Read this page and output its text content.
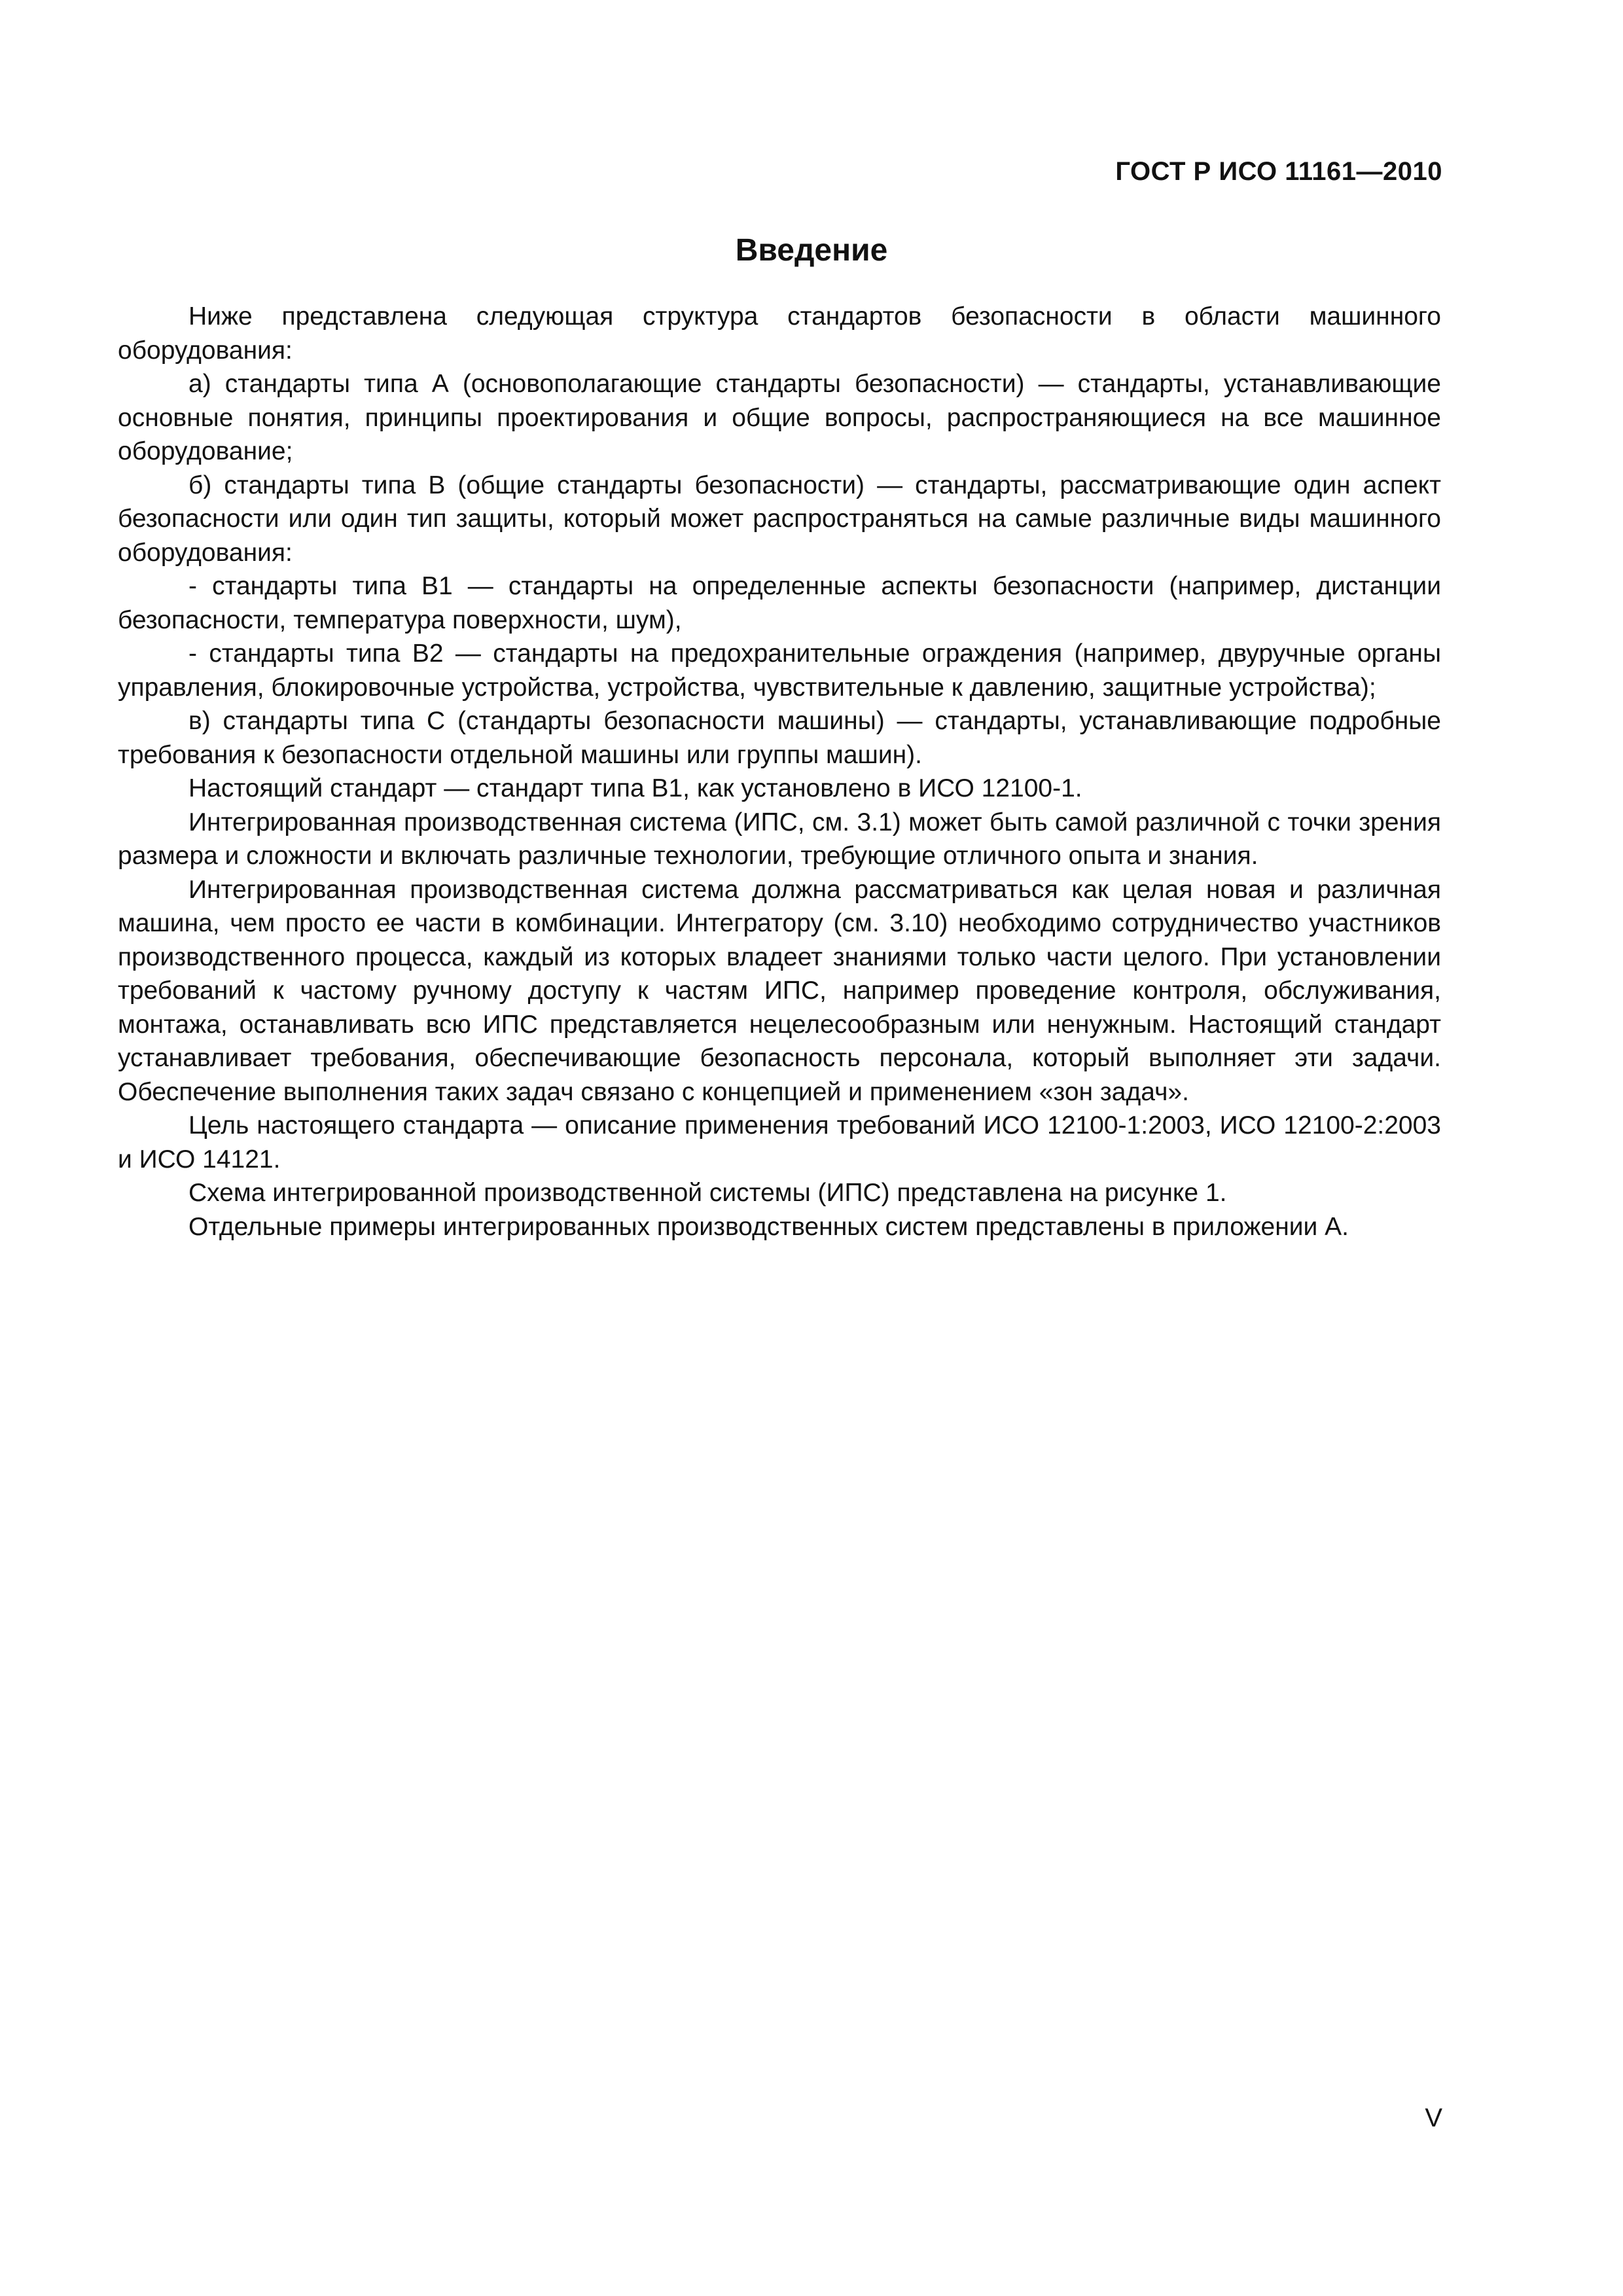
ГОСТ Р ИСО 11161—2010
Введение

Ниже представлена следующая структура стандартов безопасности в области машинного оборудования:

а) стандарты типа А (основополагающие стандарты безопасности) — стандарты, устанавливающие основные понятия, принципы проектирования и общие вопросы, распространяющиеся на все машинное оборудование;

б) стандарты типа В (общие стандарты безопасности) — стандарты, рассматривающие один аспект безопасности или один тип защиты, который может распространяться на самые различные виды машинного оборудования:

- стандарты типа В1 — стандарты на определенные аспекты безопасности (например, дистанции безопасности, температура поверхности, шум),

- стандарты типа В2 — стандарты на предохранительные ограждения (например, двуручные органы управления, блокировочные устройства, устройства, чувствительные к давлению, защитные устройства);

в) стандарты типа С (стандарты безопасности машины) — стандарты, устанавливающие подробные требования к безопасности отдельной машины или группы машин).

Настоящий стандарт — стандарт типа В1, как установлено в ИСО 12100-1.

Интегрированная производственная система (ИПС, см. 3.1) может быть самой различной с точки зрения размера и сложности и включать различные технологии, требующие отличного опыта и знания.

Интегрированная производственная система должна рассматриваться как целая новая и различная машина, чем просто ее части в комбинации. Интегратору (см. 3.10) необходимо сотрудничество участников производственного процесса, каждый из которых владеет знаниями только части целого. При установлении требований к частому ручному доступу к частям ИПС, например проведение контроля, обслуживания, монтажа, останавливать всю ИПС представляется нецелесообразным или ненужным. Настоящий стандарт устанавливает требования, обеспечивающие безопасность персонала, который выполняет эти задачи. Обеспечение выполнения таких задач связано с концепцией и применением «зон задач».

Цель настоящего стандарта — описание применения требований ИСО 12100-1:2003, ИСО 12100-2:2003 и ИСО 14121.

Схема интегрированной производственной системы (ИПС) представлена на рисунке 1.

Отдельные примеры интегрированных производственных систем представлены в приложении А.

V
